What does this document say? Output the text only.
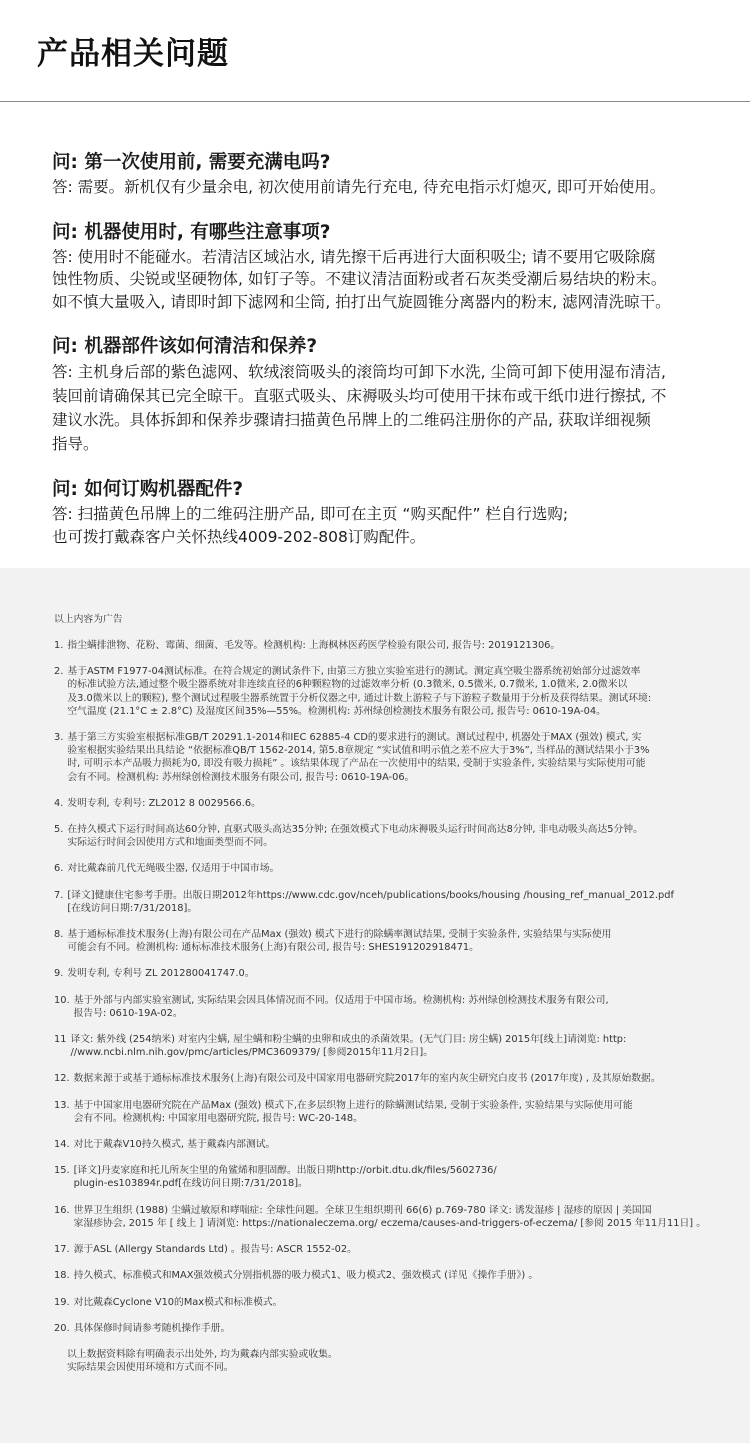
产品相关问题
问: 第一次使用前, 需要充满电吗?
答: 需要。新机仅有少量余电, 初次使用前请先行充电, 待充电指示灯熄灭, 即可开始使用。
问: 机器使用时, 有哪些注意事项?
答: 使用时不能碰水。若清洁区域沾水, 请先擦干后再进行大面积吸尘; 请不要用它吸除腐
蚀性物质、尖锐或坚硬物体, 如钉子等。不建议清洁面粉或者石灰类受潮后易结块的粉末。
如不慎大量吸入, 请即时卸下滤网和尘筒, 拍打出气旋圆锥分离器内的粉末, 滤网清洗晾干。
问: 机器部件该如何清洁和保养?
答: 主机身后部的紫色滤网、软绒滚筒吸头的滚筒均可卸下水洗, 尘筒可卸下使用湿布清洁,
装回前请确保其已完全晾干。直驱式吸头、床褥吸头均可使用干抹布或干纸巾进行擦拭, 不
建议水洗。具体拆卸和保养步骤请扫描黄色吊牌上的二维码注册你的产品, 获取详细视频
指导。
问: 如何订购机器配件?
答: 扫描黄色吊牌上的二维码注册产品, 即可在主页 “购买配件” 栏自行选购;
也可拨打戴森客户关怀热线4009-202-808订购配件。
以上内容为广告
1. 指尘螨排泄物、花粉、霉菌、细菌、毛发等。检测机构: 上海枫林医药医学检验有限公司, 报告号: 2019121306。
2. 基于ASTM F1977-04测试标准。在符合规定的测试条件下, 由第三方独立实验室进行的测试。测定真空吸尘器系统初始部分过滤效率
的标准试验方法,通过整个吸尘器系统对非连续直径的6种颗粒物的过滤效率分析 (0.3微米, 0.5微米, 0.7微米, 1.0微米, 2.0微米以
及3.0微米以上的颗粒), 整个测试过程吸尘器系统置于分析仪器之中, 通过计数上游粒子与下游粒子数量用于分析及获得结果。测试环境:
空气温度 (21.1°C ± 2.8°C) 及湿度区间35%—55%。检测机构: 苏州绿创检测技术服务有限公司, 报告号: 0610-19A-04。
3. 基于第三方实验室根据标准GB/T 20291.1-2014和IEC 62885-4 CD的要求进行的测试。测试过程中, 机器处于MAX (强效) 模式, 实
验室根据实验结果出具结论 “依据标准QB/T 1562-2014, 第5.8章规定 “实试值和明示值之差不应大于3%”, 当样品的测试结果小于3%
时, 可明示本产品吸力损耗为0, 即没有吸力损耗” 。该结果体现了产品在一次使用中的结果, 受制于实验条件, 实验结果与实际使用可能
会有不同。检测机构: 苏州绿创检测技术服务有限公司, 报告号: 0610-19A-06。
4. 发明专利, 专利号: ZL2012 8 0029566.6。
5. 在持久模式下运行时间高达60分钟, 直驱式吸头高达35分钟; 在强效模式下电动床褥吸头运行时间高达8分钟, 非电动吸头高达5分钟。
实际运行时间会因使用方式和地面类型而不同。
6. 对比戴森前几代无绳吸尘器, 仅适用于中国市场。
7. [译文]健康住宅参考手册。出版日期2012年https://www.cdc.gov/nceh/publications/books/housing /housing_ref_manual_2012.pdf
[在线访问日期:7/31/2018]。
8. 基于通标标准技术服务(上海)有限公司在产品Max (强效) 模式下进行的除螨率测试结果, 受制于实验条件, 实验结果与实际使用
可能会有不同。检测机构: 通标标准技术服务(上海)有限公司, 报告号: SHES191202918471。
9. 发明专利, 专利号 ZL 201280041747.0。
10. 基于外部与内部实验室测试, 实际结果会因具体情况而不同。仅适用于中国市场。检测机构: 苏州绿创检测技术服务有限公司,
报告号: 0610-19A-02。
11 译文: 紫外线 (254纳米) 对室内尘螨, 屋尘螨和粉尘螨的虫卵和成虫的杀菌效果。(无气门目: 房尘螨) 2015年[线上]请浏览: http:
//www.ncbi.nlm.nih.gov/pmc/articles/PMC3609379/ [参阅2015年11月2日]。
12. 数据来源于或基于通标标准技术服务(上海)有限公司及中国家用电器研究院2017年的室内灰尘研究白皮书 (2017年度) , 及其原始数据。
13. 基于中国家用电器研究院在产品Max (强效) 模式下,在多层织物上进行的除螨测试结果, 受制于实验条件, 实验结果与实际使用可能
会有不同。检测机构: 中国家用电器研究院, 报告号: WC-20-148。
14. 对比于戴森V10持久模式, 基于戴森内部测试。
15. [译文]丹麦家庭和托儿所灰尘里的角鲨烯和胆固醇。出版日期http://orbit.dtu.dk/files/5602736/
plugin-es103894r.pdf[在线访问日期:7/31/2018]。
16. 世界卫生组织 (1988) 尘螨过敏原和哮喘症: 全球性问题。全球卫生组织期刊 66(6) p.769-780 译文: 诱发湿疹 | 湿疹的原因 | 美国国
家湿疹协会, 2015 年 [ 线上 ] 请浏览: https://nationaleczema.org/ eczema/causes-and-triggers-of-eczema/ [参阅 2015 年11月11日] 。
17. 源于ASL (Allergy Standards Ltd) 。报告号: ASCR 1552-02。
18. 持久模式、标准模式和MAX强效模式分别指机器的吸力模式1、吸力模式2、强效模式 (详见《操作手册》) 。
19. 对比戴森Cyclone V10的Max模式和标准模式。
20. 具体保修时间请参考随机操作手册。
以上数据资料除有明确表示出处外, 均为戴森内部实验或收集。
实际结果会因使用环境和方式而不同。
